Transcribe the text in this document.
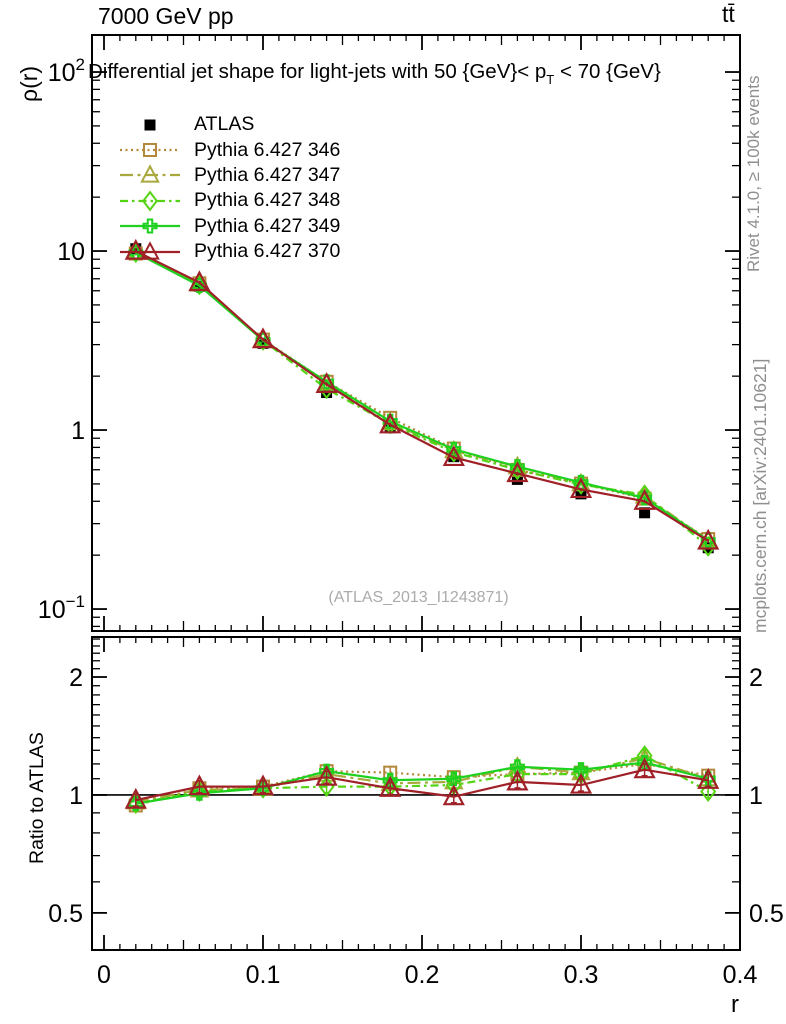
$10^2$
10
1
$10^{-1}$
2	2
1	1
0.5	0.5
0	0.1	0.2	0.3	0.4
7000 GeV pp	tt̄
Differential jet shape for light-jets with 50 $\{GeV\}< p_T < 70$ {GeV}
ATLAS
Pythia 6.427 346
Pythia 6.427 347
Pythia 6.427 348
Pythia 6.427 349
Pythia 6.427 370
(ATLAS_2013_I1243871)
Rivet 4.1.0, ≥ 100k events
mcplots.cern.ch [arXiv:2401.10621]
ρ(r)
Ratio to ATLAS
r
